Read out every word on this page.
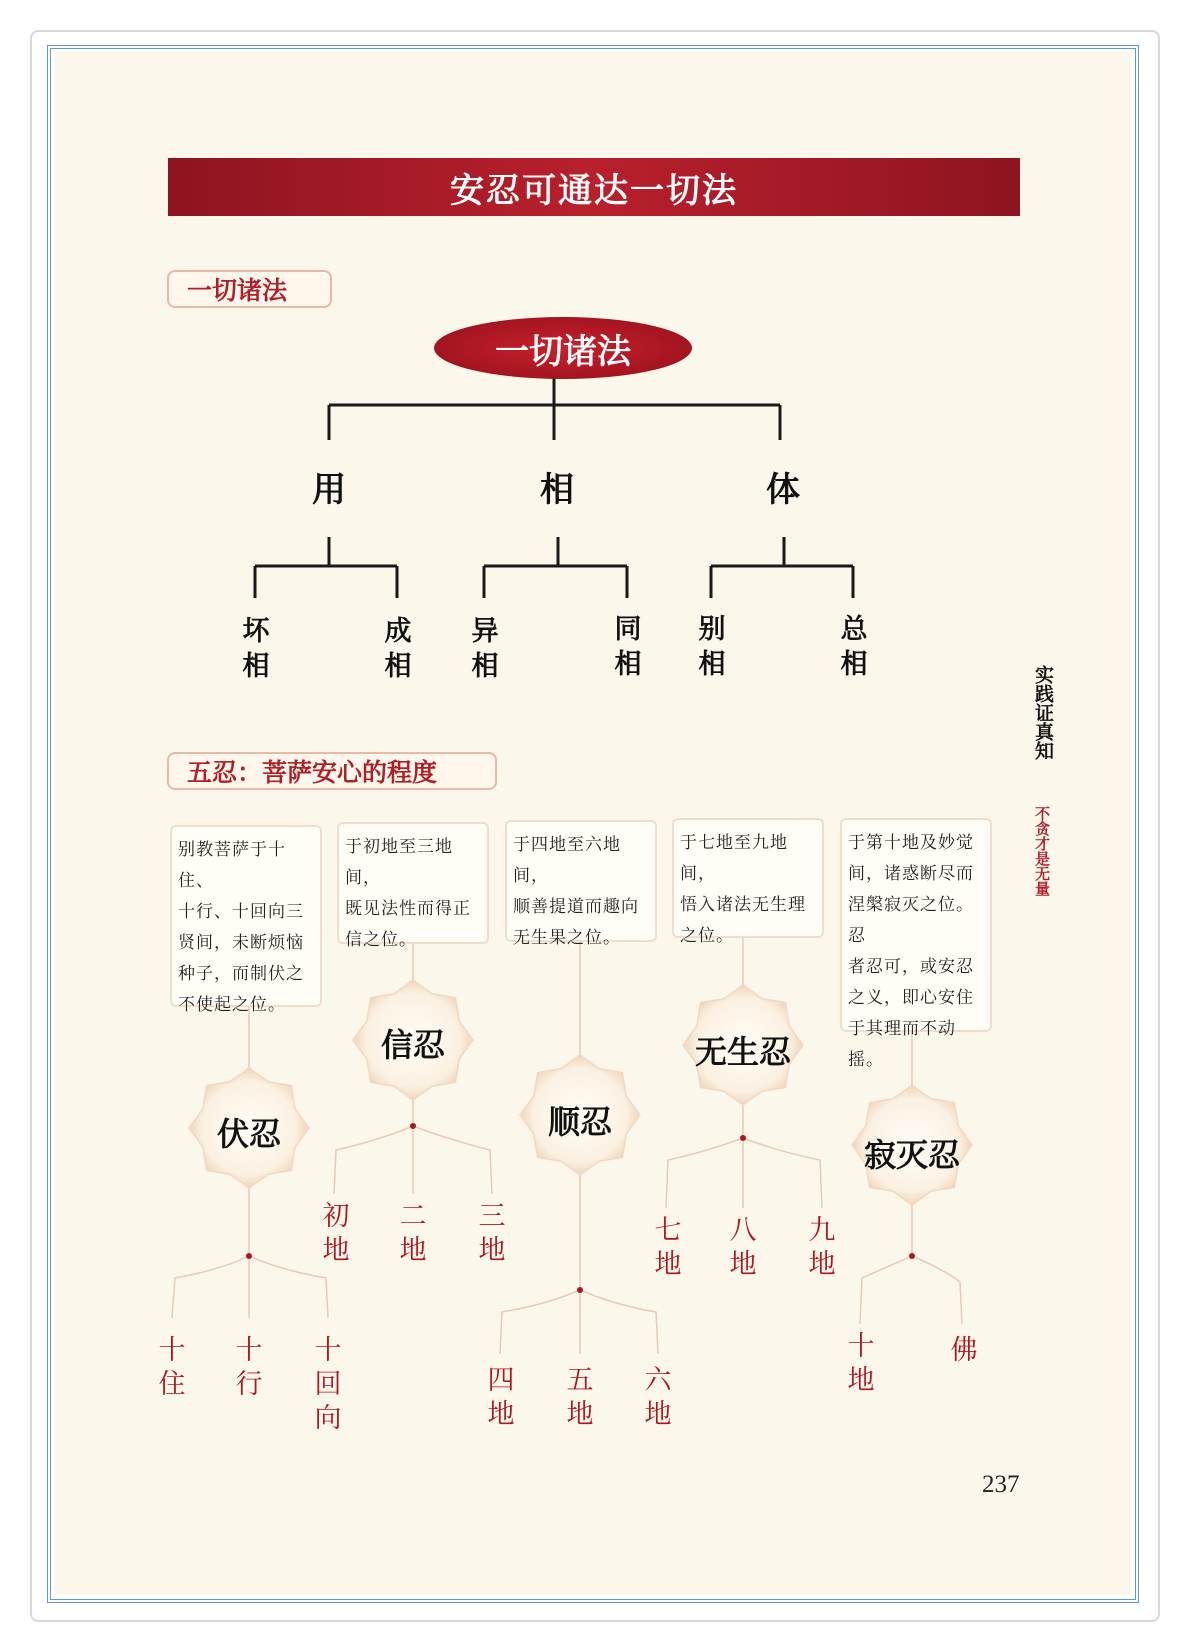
安忍可通达一切法
一切诸法
一切诸法
用	相	体
坏相
成相
异相
同相
别相
总相
实践证真知
不贪才是无量
五忍：菩萨安心的程度
别教菩萨于十住、
十行、十回向三
贤间，未断烦恼
种子，而制伏之
不使起之位。
于初地至三地间，
既见法性而得正
信之位。
于四地至六地间，
顺善提道而趣向
无生果之位。
于七地至九地间，
悟入诸法无生理
之位。
于第十地及妙觉
间，诸惑断尽而
涅槃寂灭之位。忍
者忍可，或安忍
之义，即心安住
于其理而不动摇。
伏忍
信忍
顺忍
无生忍
寂灭忍
十住
十行
十回向
初地
二地
三地
四地
五地
六地
七地
八地
九地
十地
佛
237
